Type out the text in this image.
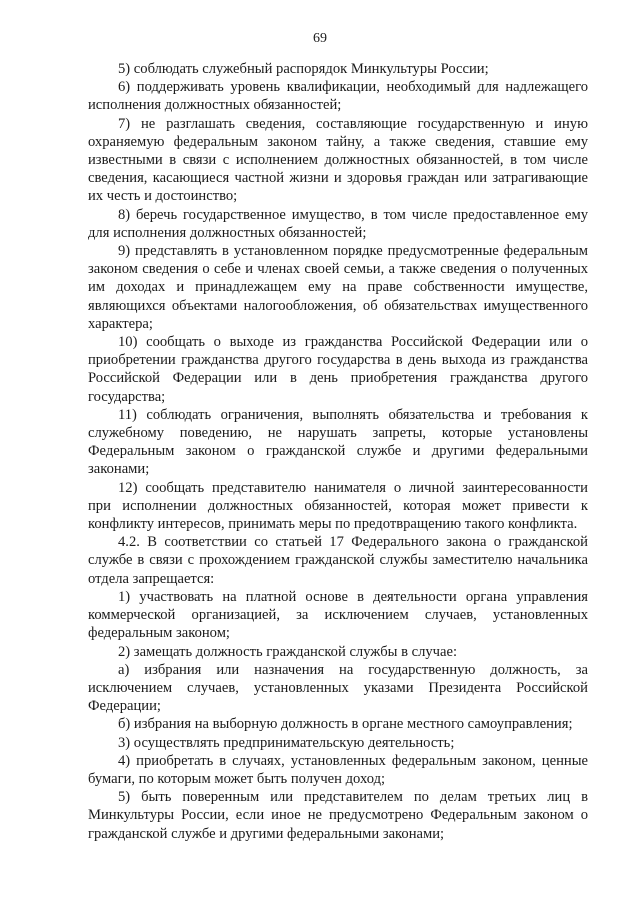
69

5) соблюдать служебный распорядок Минкультуры России;

6) поддерживать уровень квалификации, необходимый для надлежащего исполнения должностных обязанностей;

7) не разглашать сведения, составляющие государственную и иную охраняемую федеральным законом тайну, а также сведения, ставшие ему известными в связи с исполнением должностных обязанностей, в том числе сведения, касающиеся частной жизни и здоровья граждан или затрагивающие их честь и достоинство;

8) беречь государственное имущество, в том числе предоставленное ему для исполнения должностных обязанностей;

9) представлять в установленном порядке предусмотренные федеральным законом сведения о себе и членах своей семьи, а также сведения о полученных им доходах и принадлежащем ему на праве собственности имуществе, являющихся объектами налогообложения, об обязательствах имущественного характера;

10) сообщать о выходе из гражданства Российской Федерации или о приобретении гражданства другого государства в день выхода из гражданства Российской Федерации или в день приобретения гражданства другого государства;

11) соблюдать ограничения, выполнять обязательства и требования к служебному поведению, не нарушать запреты, которые установлены Федеральным законом о гражданской службе и другими федеральными законами;

12) сообщать представителю нанимателя о личной заинтересованности при исполнении должностных обязанностей, которая может привести к конфликту интересов, принимать меры по предотвращению такого конфликта.

4.2. В соответствии со статьей 17 Федерального закона о гражданской службе в связи с прохождением гражданской службы заместителю начальника отдела запрещается:

1) участвовать на платной основе в деятельности органа управления коммерческой организацией, за исключением случаев, установленных федеральным законом;

2) замещать должность гражданской службы в случае:

а) избрания или назначения на государственную должность, за исключением случаев, установленных указами Президента Российской Федерации;

б) избрания на выборную должность в органе местного самоуправления;

3) осуществлять предпринимательскую деятельность;

4) приобретать в случаях, установленных федеральным законом, ценные бумаги, по которым может быть получен доход;

5) быть поверенным или представителем по делам третьих лиц в Минкультуры России, если иное не предусмотрено Федеральным законом о гражданской службе и другими федеральными законами;
